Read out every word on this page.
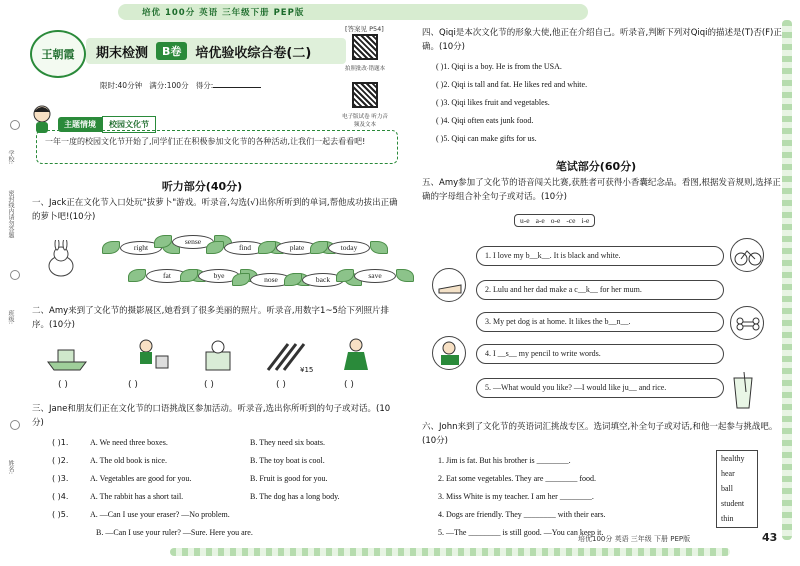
培优 100分 英语 三年级下册 PEP版
学校:
密封线内请勿答题
班级:
姓名:
[答案见 P54]
王朝霞	期末检测	B卷	培优验收综合卷(二)
拍照批改·错题本
电子版试卷 听力音频及文本
限时:40分钟 满分:100分 得分:
主题情境	校园文化节
一年一度的校园文化节开始了,同学们正在积极参加文化节的各种活动,让我们一起去看看吧!
听力部分(40分)
一、Jack正在文化节入口处玩"拔萝卜"游戏。听录音,勾选(√)出你所听到的单词,帮他成功拔出正确的萝卜吧!(10分)
right
sense
find	plate	today
fat	bye	nose	back	save
二、Amy来到了文化节的摄影展区,她看到了很多美丽的照片。听录音,用数字1~5给下列照片排序。(10分)
¥15
( )	( )	( )	( )	( )
三、Jane和朋友们正在文化节的口语挑战区参加活动。听录音,选出你所听到的句子或对话。(10分)
( )1.	A. We need three boxes.	B. They need six boats.
( )2.	A. The old book is nice.	B. The toy boat is cool.
( )3.	A. Vegetables are good for you.	B. Fruit is good for you.
( )4.	A. The rabbit has a short tail.	B. The dog has a long body.
( )5.	A. —Can I use your eraser? —No problem.
B. —Can I use your ruler? —Sure. Here you are.
四、Qiqi是本次文化节的形象大使,他正在介绍自己。听录音,判断下列对Qiqi的描述是(T)否(F)正确。(10分)
( )1. Qiqi is a boy. He is from the USA.
( )2. Qiqi is tall and fat. He likes red and white.
( )3. Qiqi likes fruit and vegetables.
( )4. Qiqi often eats junk food.
( )5. Qiqi can make gifts for us.
笔试部分(60分)
五、Amy参加了文化节的语音闯关比赛,获胜者可获得小香囊纪念品。看图,根据发音规则,选择正确的字母组合补全句子或对话。(10分)
u-e a-e o-e -ce i-e
1. I love my b__k__. It is black and white.
2. Lulu and her dad make a c__k__ for her mum.
3. My pet dog is at home. It likes the b__n__.
4. I __s__ my pencil to write words.
5. —What would you like? —I would like ju__ and rice.
六、John来到了文化节的英语词汇挑战专区。选词填空,补全句子或对话,和他一起参与挑战吧。(10分)
1. Jim is fat. But his brother is ________.
2. Eat some vegetables. They are ________ food.
3. Miss White is my teacher. I am her ________.
4. Dogs are friendly. They ________ with their ears.
5. —The ________ is still good. —You can keep it.
healthy
hear
ball
student
thin
培优100分 英语 三年级 下册 PEP版	43
